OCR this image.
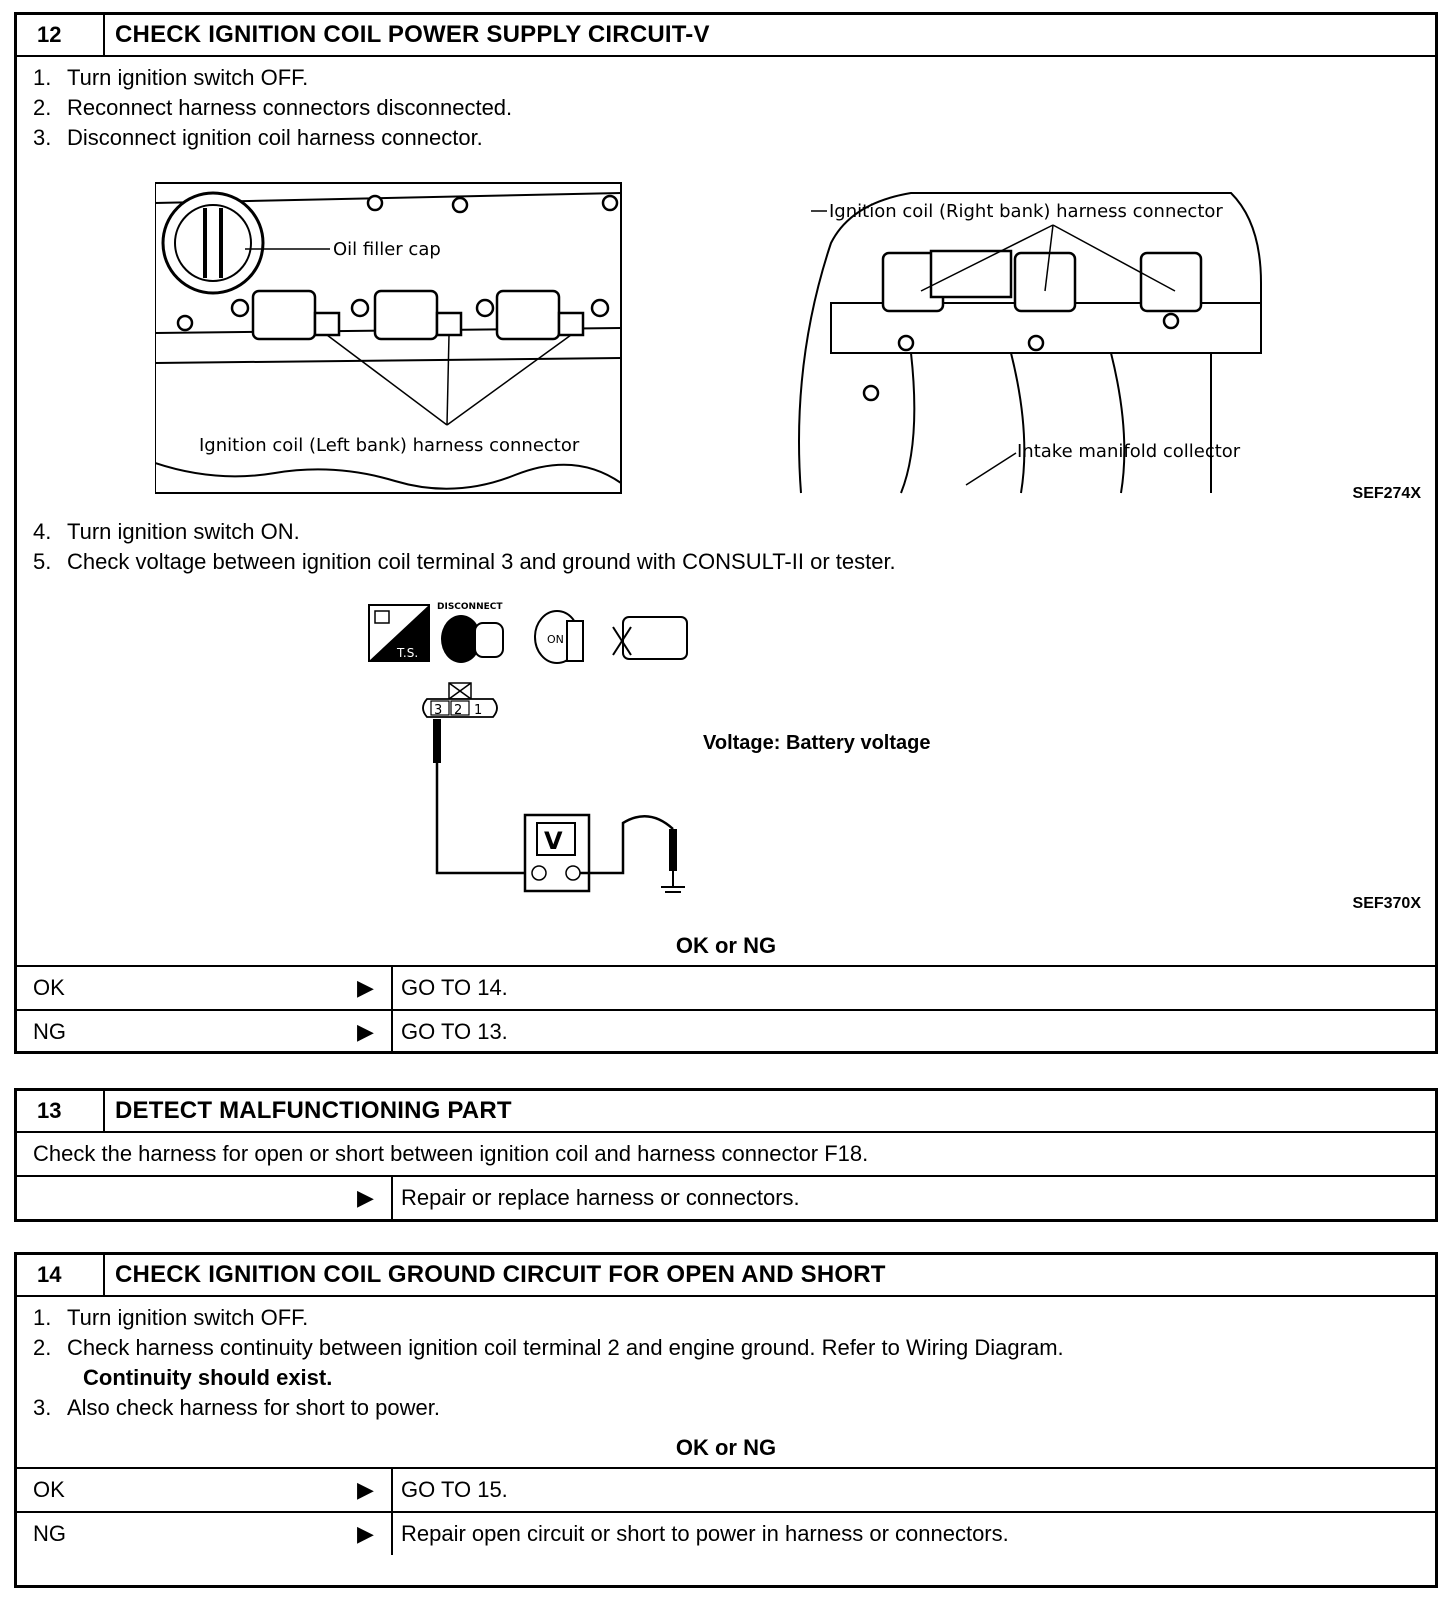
12	CHECK IGNITION COIL POWER SUPPLY CIRCUIT-V
1. Turn ignition switch OFF.
2. Reconnect harness connectors disconnected.
3. Disconnect ignition coil harness connector.
Oil filler cap
Ignition coil (Left bank) harness connector
Ignition coil (Right bank) harness connector
Intake manifold collector
SEF274X
4. Turn ignition switch ON.
5. Check voltage between ignition coil terminal 3 and ground with CONSULT-II or tester.
T.S.
DISCONNECT
ON
3 2 1
V
Voltage: Battery voltage
SEF370X
OK or NG
OK	▶	GO TO 14.
NG	▶	GO TO 13.
13	DETECT MALFUNCTIONING PART
Check the harness for open or short between ignition coil and harness connector F18.
▶	Repair or replace harness or connectors.
14	CHECK IGNITION COIL GROUND CIRCUIT FOR OPEN AND SHORT
1. Turn ignition switch OFF.
2. Check harness continuity between ignition coil terminal 2 and engine ground. Refer to Wiring Diagram.
Continuity should exist.
3. Also check harness for short to power.
OK or NG
OK	▶	GO TO 15.
NG	▶	Repair open circuit or short to power in harness or connectors.
